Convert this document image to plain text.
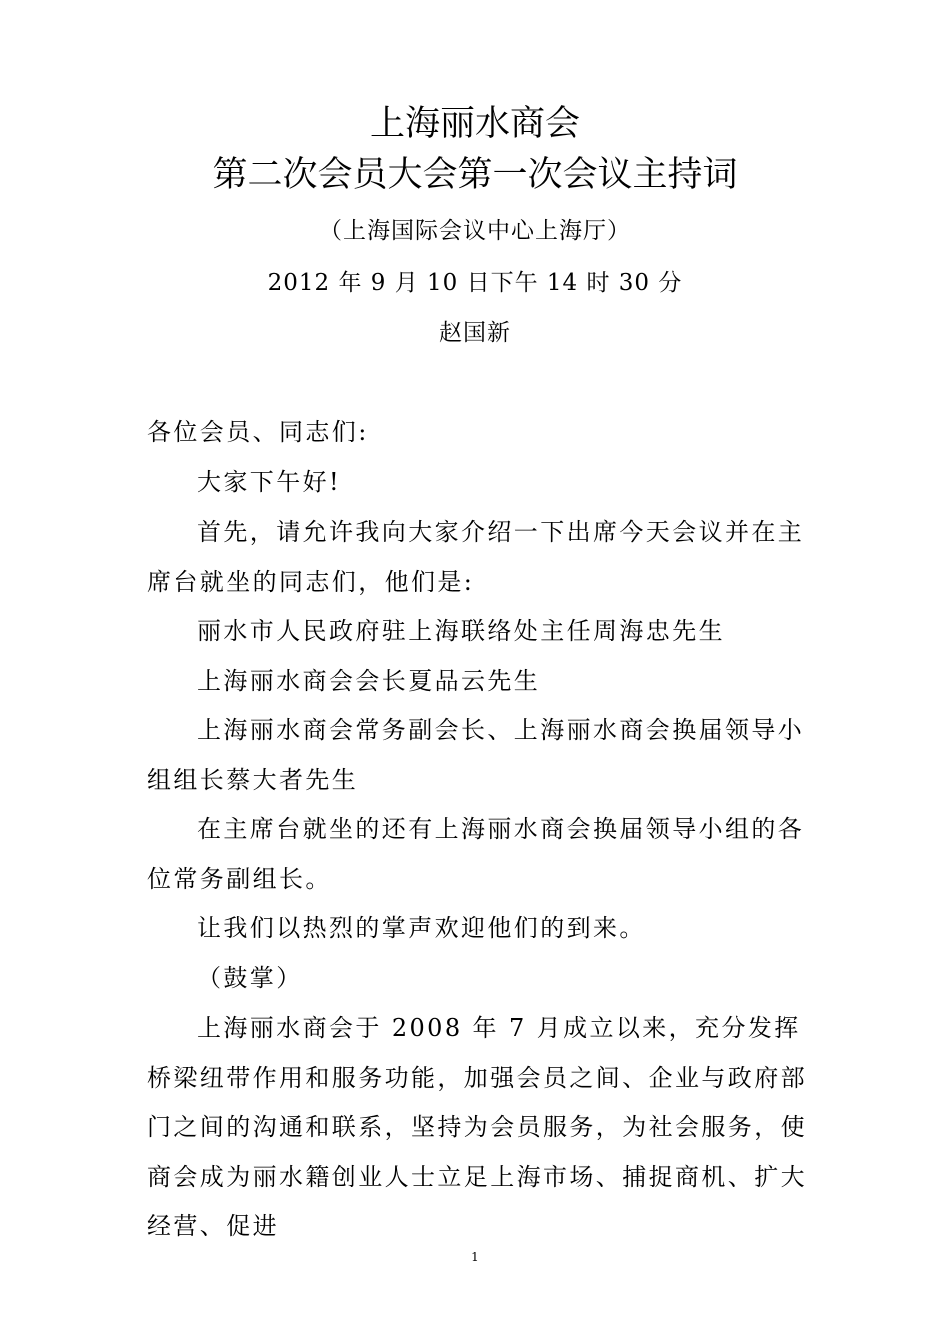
上海丽水商会
第二次会员大会第一次会议主持词
（上海国际会议中心上海厅）
2012 年 9 月 10 日下午 14 时 30 分
赵国新

各位会员、同志们:

大家下午好!

首先，请允许我向大家介绍一下出席今天会议并在主席台就坐的同志们，他们是:

丽水市人民政府驻上海联络处主任周海忠先生

上海丽水商会会长夏品云先生

上海丽水商会常务副会长、上海丽水商会换届领导小组组长蔡大者先生

在主席台就坐的还有上海丽水商会换届领导小组的各位常务副组长。

让我们以热烈的掌声欢迎他们的到来。

（鼓掌）

上海丽水商会于 2008 年 7 月成立以来，充分发挥桥梁纽带作用和服务功能，加强会员之间、企业与政府部门之间的沟通和联系，坚持为会员服务，为社会服务，使商会成为丽水籍创业人士立足上海市场、捕捉商机、扩大经营、促进

1
